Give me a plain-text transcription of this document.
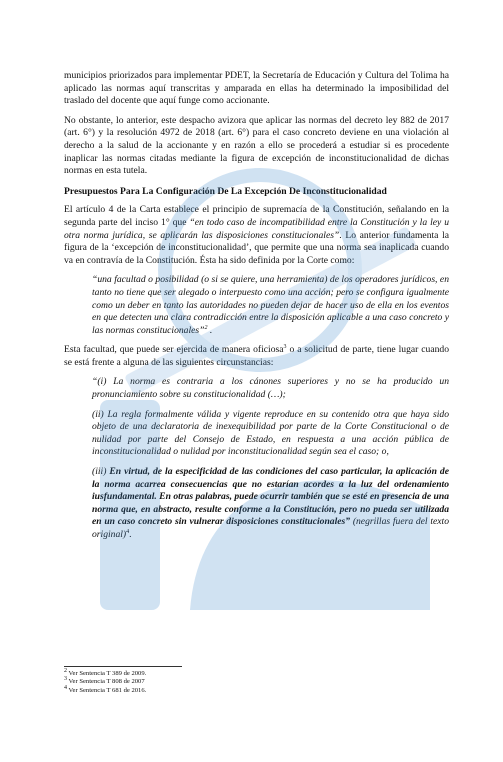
municipios priorizados para implementar PDET, la Secretaría de Educación y Cultura del Tolima ha aplicado las normas aquí transcritas y amparada en ellas ha determinado la imposibilidad del traslado del docente que aquí funge como accionante.

No obstante, lo anterior, este despacho avizora que aplicar las normas del decreto ley 882 de 2017 (art. 6°) y la resolución 4972 de 2018 (art. 6°) para el caso concreto deviene en una violación al derecho a la salud de la accionante y en razón a ello se procederá a estudiar si es procedente inaplicar las normas citadas mediante la figura de excepción de inconstitucionalidad de dichas normas en esta tutela.

Presupuestos Para La Configuración De La Excepción De Inconstitucionalidad

El artículo 4 de la Carta establece el principio de supremacía de la Constitución, señalando en la segunda parte del inciso 1° que “en todo caso de incompatibilidad entre la Constitución y la ley u otra norma jurídica, se aplicarán las disposiciones constitucionales”. Lo anterior fundamenta la figura de la ‘excepción de inconstitucionalidad’, que permite que una norma sea inaplicada cuando va en contravía de la Constitución. Ésta ha sido definida por la Corte como:

“una facultad o posibilidad (o si se quiere, una herramienta) de los operadores jurídicos, en tanto no tiene que ser alegado o interpuesto como una acción; pero se configura igualmente como un deber en tanto las autoridades no pueden dejar de hacer uso de ella en los eventos en que detecten una clara contradicción entre la disposición aplicable a una caso concreto y las normas constitucionales”$^2$ .

Esta facultad, que puede ser ejercida de manera oficiosa$^3$ o a solicitud de parte, tiene lugar cuando se está frente a alguna de las siguientes circunstancias:

“(i) La norma es contraria a los cánones superiores y no se ha producido un pronunciamiento sobre su constitucionalidad (…);
(ii) La regla formalmente válida y vigente reproduce en su contenido otra que haya sido objeto de una declaratoria de inexequibilidad por parte de la Corte Constitucional o de nulidad por parte del Consejo de Estado, en respuesta a una acción pública de inconstitucionalidad o nulidad por inconstitucionalidad según sea el caso; o,
(iii) En virtud, de la especificidad de las condiciones del caso particular, la aplicación de la norma acarrea consecuencias que no estarían acordes a la luz del ordenamiento iusfundamental. En otras palabras, puede ocurrir también que se esté en presencia de una norma que, en abstracto, resulte conforme a la Constitución, pero no pueda ser utilizada en un caso concreto sin vulnerar disposiciones constitucionales” (negrillas fuera del texto original)$^4$.
$^2$ Ver Sentencia T 389 de 2009.
$^3$ Ver Sentencia T 808 de 2007
$^4$ Ver Sentencia T 681 de 2016.
